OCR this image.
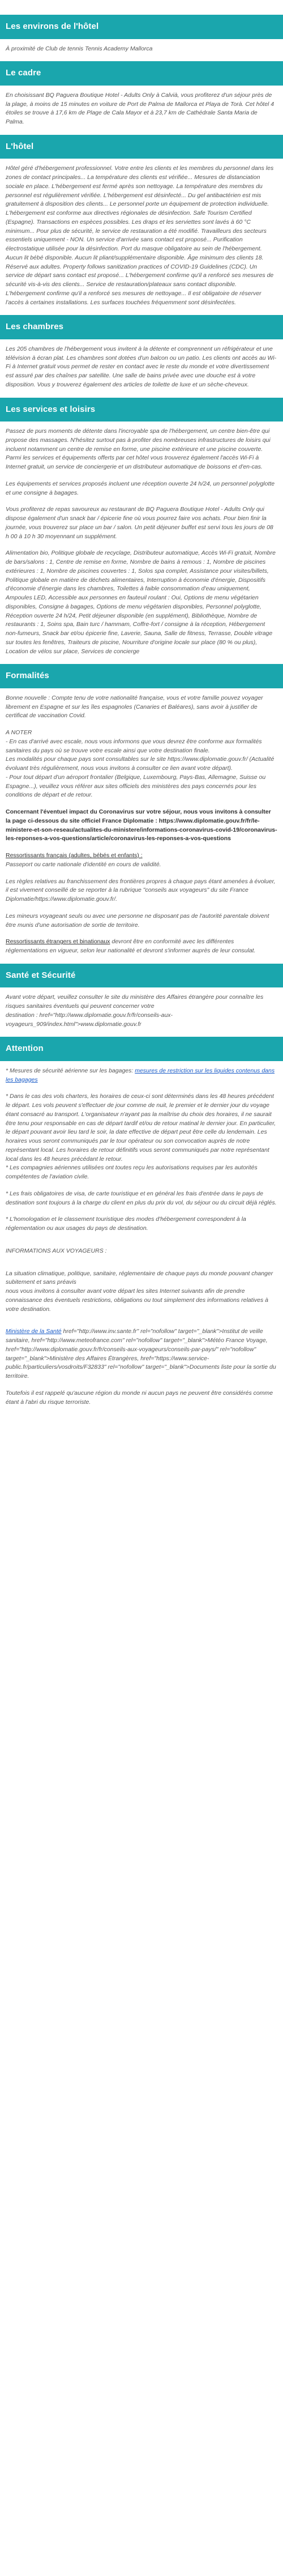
Les environs de l'hôtel
À proximité de Club de tennis Tennis Academy Mallorca
Le cadre
En choisissant BQ Paguera Boutique Hotel - Adults Only à Calvià, vous profiterez d'un séjour près de la plage, à moins de 15 minutes en voiture de Port de Palma de Mallorca et Playa de Torà. Cet hôtel 4 étoiles se trouve à 17,6 km de Plage de Cala Mayor et à 23,7 km de Cathédrale Santa Maria de Palma.
L'hôtel
Hôtel géré d'hébergement professionnel. Votre entre les clients et les membres du personnel dans les zones de contact principales... La température des clients est vérifiée... Mesures de distanciation sociale en place. L'hébergement est fermé après son nettoyage. La température des membres du personnel est régulièrement vérifiée. L'hébergement est désinfecté... Du gel antibactérien est mis gratuitement à disposition des clients... Le personnel porte un équipement de protection individuelle. L'hébergement est conforme aux directives régionales de désinfection. Safe Tourism Certified (Espagne). Transactions en espèces possibles. Les draps et les serviettes sont lavés à 60 °C minimum... Pour plus de sécurité, le service de restauration a été modifié. Travailleurs des secteurs essentiels uniquement - NON. Un service d'arrivée sans contact est proposé... Purification électrostatique utilisée pour la désinfection. Port du masque obligatoire au sein de l'hébergement. Aucun lit bébé disponible. Aucun lit pliant/supplémentaire disponible. Âge minimum des clients 18. Réservé aux adultes. Property follows sanitization practices of COVID-19 Guidelines (CDC). Un service de départ sans contact est proposé... L'hébergement confirme qu'il a renforcé ses mesures de sécurité vis-à-vis des clients... Service de restauration/plateaux sans contact disponible. L'hébergement confirme qu'il a renforcé ses mesures de nettoyage... Il est obligatoire de réserver l'accès à certaines installations. Les surfaces touchées fréquemment sont désinfectées.
Les chambres
Les 205 chambres de l'hébergement vous invitent à la détente et comprennent un réfrigérateur et une télévision à écran plat. Les chambres sont dotées d'un balcon ou un patio. Les clients ont accès au Wi-Fi à Internet gratuit vous permet de rester en contact avec le reste du monde et votre divertissement est assuré par des chaînes par satellite. Une salle de bains privée avec une douche est à votre disposition. Vous y trouverez également des articles de toilette de luxe et un sèche-cheveux.
Les services et loisirs
Passez de purs moments de détente dans l'incroyable spa de l'hébergement, un centre bien-être qui propose des massages. N'hésitez surtout pas à profiter des nombreuses infrastructures de loisirs qui incluent notamment un centre de remise en forme, une piscine extérieure et une piscine couverte. Parmi les services et équipements offerts par cet hôtel vous trouverez également l'accès Wi-Fi à Internet gratuit, un service de conciergerie et un distributeur automatique de boissons et d'en-cas.
Les équipements et services proposés incluent une réception ouverte 24 h/24, un personnel polyglotte et une consigne à bagages.
Vous profiterez de repas savoureux au restaurant de BQ Paguera Boutique Hotel - Adults Only qui dispose également d'un snack bar / épicerie fine où vous pourrez faire vos achats. Pour bien finir la journée, vous trouverez sur place un bar / salon. Un petit déjeuner buffet est servi tous les jours de 08 h 00 à 10 h 30 moyennant un supplément.
Alimentation bio, Politique globale de recyclage, Distributeur automatique, Accès Wi-Fi gratuit, Nombre de bars/salons : 1, Centre de remise en forme, Nombre de bains à remous : 1, Nombre de piscines extérieures : 1, Nombre de piscines couvertes : 1, Solos spa complet, Assistance pour visites/billets, Politique globale en matière de déchets alimentaires, Interruption à économie d'énergie, Dispositifs d'économie d'énergie dans les chambres, Toilettes à faible consommation d'eau uniquement, Ampoules LED, Accessible aux personnes en fauteuil roulant : Oui, Options de menu végétarien disponibles, Consigne à bagages, Options de menu végétarien disponibles, Personnel polyglotte, Réception ouverte 24 h/24, Petit déjeuner disponible (en supplément), Bibliothèque, Nombre de restaurants : 1, Soins spa, Bain turc / hammam, Coffre-fort / consigne à la réception, Hébergement non-fumeurs, Snack bar et/ou épicerie fine, Laverie, Sauna, Salle de fitness, Terrasse, Double vitrage sur toutes les fenêtres, Traiteurs de piscine, Nourriture d'origine locale sur place (80 % ou plus), Location de vélos sur place, Services de concierge
Formalités
Bonne nouvelle : Compte tenu de votre nationalité française, vous et votre famille pouvez voyager librement en Espagne et sur les îles espagnoles (Canaries et Baléares), sans avoir à justifier de certificat de vaccination Covid.
A NOTER
- En cas d'arrivé avec escale, nous vous informons que vous devrez être conforme aux formalités sanitaires du pays où se trouve votre escale ainsi que votre destination finale.
Les modalités pour chaque pays sont consultables sur le site https://www.diplomatie.gouv.fr/ (Actualité évoluant très régulièrement, nous vous invitons à consulter ce lien avant votre départ).
- Pour tout départ d'un aéroport frontalier (Belgique, Luxembourg, Pays-Bas, Allemagne, Suisse ou Espagne...), veuillez vous référer aux sites officiels des ministères des pays concernés pour les conditions de départ et de retour.
Concernant l'éventuel impact du Coronavirus sur votre séjour, nous vous invitons à consulter la page ci-dessous du site officiel France Diplomatie : https://www.diplomatie.gouv.fr/fr/le-ministere-et-son-reseau/actualites-du-ministere/informations-coronavirus-covid-19/coronavirus-les-reponses-a-vos-questions/article/coronavirus-les-reponses-a-vos-questions
Ressortissants français (adultes, bébés et enfants) :
Passeport ou carte nationale d'identité en cours de validité.
Les règles relatives au franchissement des frontières propres à chaque pays étant amenées à évoluer, il est vivement conseillé de se reporter à la rubrique "conseils aux voyageurs" du site France Diplomatie/https://www.diplomatie.gouv.fr/.
Les mineurs voyageant seuls ou avec une personne ne disposant pas de l'autorité parentale doivent être munis d'une autorisation de sortie de territoire.
Ressortissants étrangers et binationaux devront être en conformité avec les différentes réglementations en vigueur, selon leur nationalité et devront s'informer auprès de leur consulat.
Santé et Sécurité
Avant votre départ, veuillez consulter le site du ministère des Affaires étrangère pour connaître les risques sanitaires éventuels qui peuvent concerner votre
destination : href="http://www.diplomatie.gouv.fr/fr/conseils-aux-voyageurs_909/index.html">www.diplomatie.gouv.fr
Attention
* Mesures de sécurité aérienne sur les bagages: mesures de restriction sur les liquides contenus dans les bagages
* Dans le cas des vols charters, les horaires de ceux-ci sont déterminés dans les 48 heures précédent le départ. Les vols peuvent s'effectuer de jour comme de nuit, le premier et le dernier jour du voyage étant consacré au transport. L'organisateur n'ayant pas la maîtrise du choix des horaires, il ne saurait être tenu pour responsable en cas de départ tardif et/ou de retour matinal le dernier jour. En particulier, le départ pouvant avoir lieu tard le soir, la date effective de départ peut être celle du lendemain. Les horaires vous seront communiqués par le tour opérateur ou son convocation auprès de notre représentant local. Les horaires de retour définitifs vous seront communiqués par notre représentant local dans les 48 heures précédant le retour.
* Les compagnies aériennes utilisées ont toutes reçu les autorisations requises par les autorités compétentes de l'aviation civile.
* Les frais obligatoires de visa, de carte touristique et en général les frais d'entrée dans le pays de destination sont toujours à la charge du client en plus du prix du vol, du séjour ou du circuit déjà réglés.
* L'homologation et le classement touristique des modes d'hébergement correspondent à la réglementation ou aux usages du pays de destination.
INFORMATIONS AUX VOYAGEURS :
La situation climatique, politique, sanitaire, réglementaire de chaque pays du monde pouvant changer subitement et sans préavis
nous vous invitons à consulter avant votre départ les sites Internet suivants afin de prendre connaissance des éventuels restrictions, obligations ou tout simplement des informations relatives à votre destination.
Ministère de la Santé href="http://www.inv.sante.fr" rel="nofollow" target="_blank">Institut de veille sanitaire, href="http://www.meteofrance.com" rel="nofollow" target="_blank">Météo France Voyage, href="http://www.diplomatie.gouv.fr/fr/conseils-aux-voyageurs/conseils-par-pays/" rel="nofollow" target="_blank">Ministère des Affaires Étrangères, href="https://www.service-public.fr/particuliers/vosdroits/F32833" rel="nofollow" target="_blank">Documents liste pour la sortie du territoire.
Toutefois il est rappelé qu'aucune région du monde ni aucun pays ne peuvent être considérés comme étant à l'abri du risque terroriste.
